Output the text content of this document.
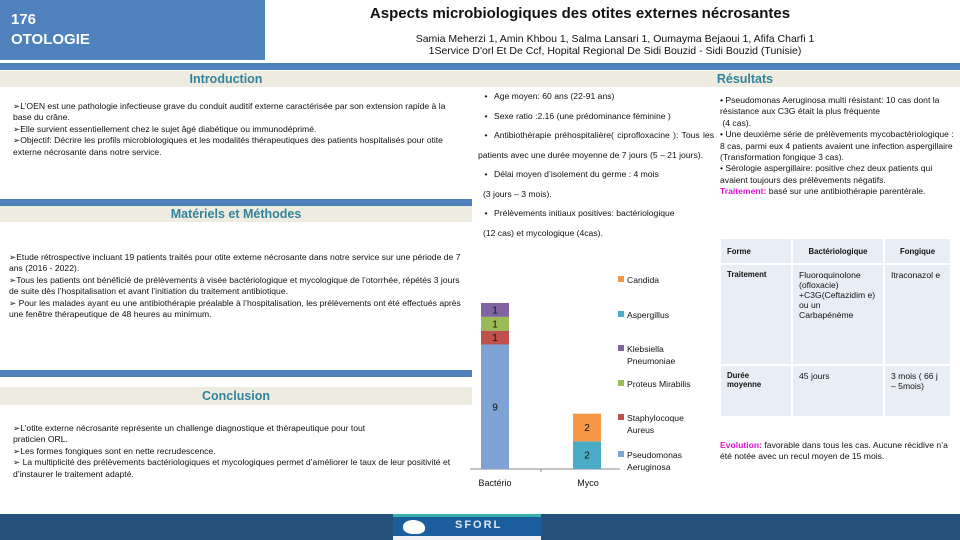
176
OTOLOGIE
Aspects microbiologiques des otites externes nécrosantes
Samia Meherzi 1, Amin Khbou 1, Salma Lansari 1, Oumayma Bejaoui 1, Afifa Charfi 1
1Service D'orl Et De Ccf, Hopital Regional De Sidi Bouzid - Sidi Bouzid (Tunisie)
Introduction	Résultats
➢L’OEN est une pathologie infectieuse grave du conduit auditif externe caractérisée par son extension rapide à la base du crâne.
➢Elle survient essentiellement chez le sujet âgé diabétique ou immunodéprimé.
➢Objectif: Décrire les profils microbiologiques et les modalités thérapeutiques des patients hospitalisés pour otite externe nécrosante dans notre service.
Matériels et Méthodes
➢Etude rétrospective incluant 19 patients traités pour otite externe nécrosante dans notre service sur une période de 7 ans (2016 - 2022).
➢Tous les patients ont bénéficié de prélèvements à visée bactériologique et mycologique de l’otorrhée, répétés 3 jours de suite dès l’hospitalisation et avant l’initiation du traitement antibiotique.
➢ Pour les malades ayant eu une antibiothérapie préalable à l’hospitalisation, les prélèvements ont été effectués après une fenêtre thérapeutique de 48 heures au minimum.
Conclusion
➢L’otite externe nécrosante représente un challenge diagnostique et thérapeutique pour tout praticien ORL.
➢Les formes fongiques sont en nette recrudescence.
➢ La multiplicité des prélèvements bactériologiques et mycologiques permet d’améliorer le taux de leur positivité et d’instaurer le traitement adapté.
• Age moyen: 60 ans (22-91 ans)
• Sexe ratio :2.16 (une prédominance féminine )
• Antibiothérapie préhospitalière( ciprofloxacine ): Tous les patients avec une durée moyenne de 7 jours (5 – 21 jours).
• Délai moyen d’isolement du germe : 4 mois
(3 jours – 3 mois).
• Prélèvements initiaux positives: bactériologique
(12 cas) et mycologique (4cas).
• Pseudomonas Aeruginosa multi résistant: 10 cas dont la résistance aux C3G était la plus fréquente
(4 cas).
• Une deuxième série de prélèvements mycobactériologique : 8 cas, parmi eux 4 patients avaient une infection aspergillaire (Transformation fongique 3 cas).
• Sérologie aspergillaire: positive chez deux patients qui avaient toujours des prélèvements négatifs.
Traitement: basé sur une antibiothérapie parentérale.
Forme	Bactériologique	Fongique
Traitement	Fluoroquinolone (ofloxacie) +C3G(Ceftazidim e) ou un Carbapénème	Itraconazol e
Durée moyenne	45 jours	3 mois ( 66 j – 5mois)
Evolution: favorable dans tous les cas. Aucune récidive n’a été notée avec un recul moyen de 15 mois.
9
1
1
1
2
2
Candida
Aspergillus
Klebsiella Pneumoniae
Proteus Mirabilis
Staphylocoque Aureus
Pseudomonas Aeruginosa
Bactério	Myco
SFORL
